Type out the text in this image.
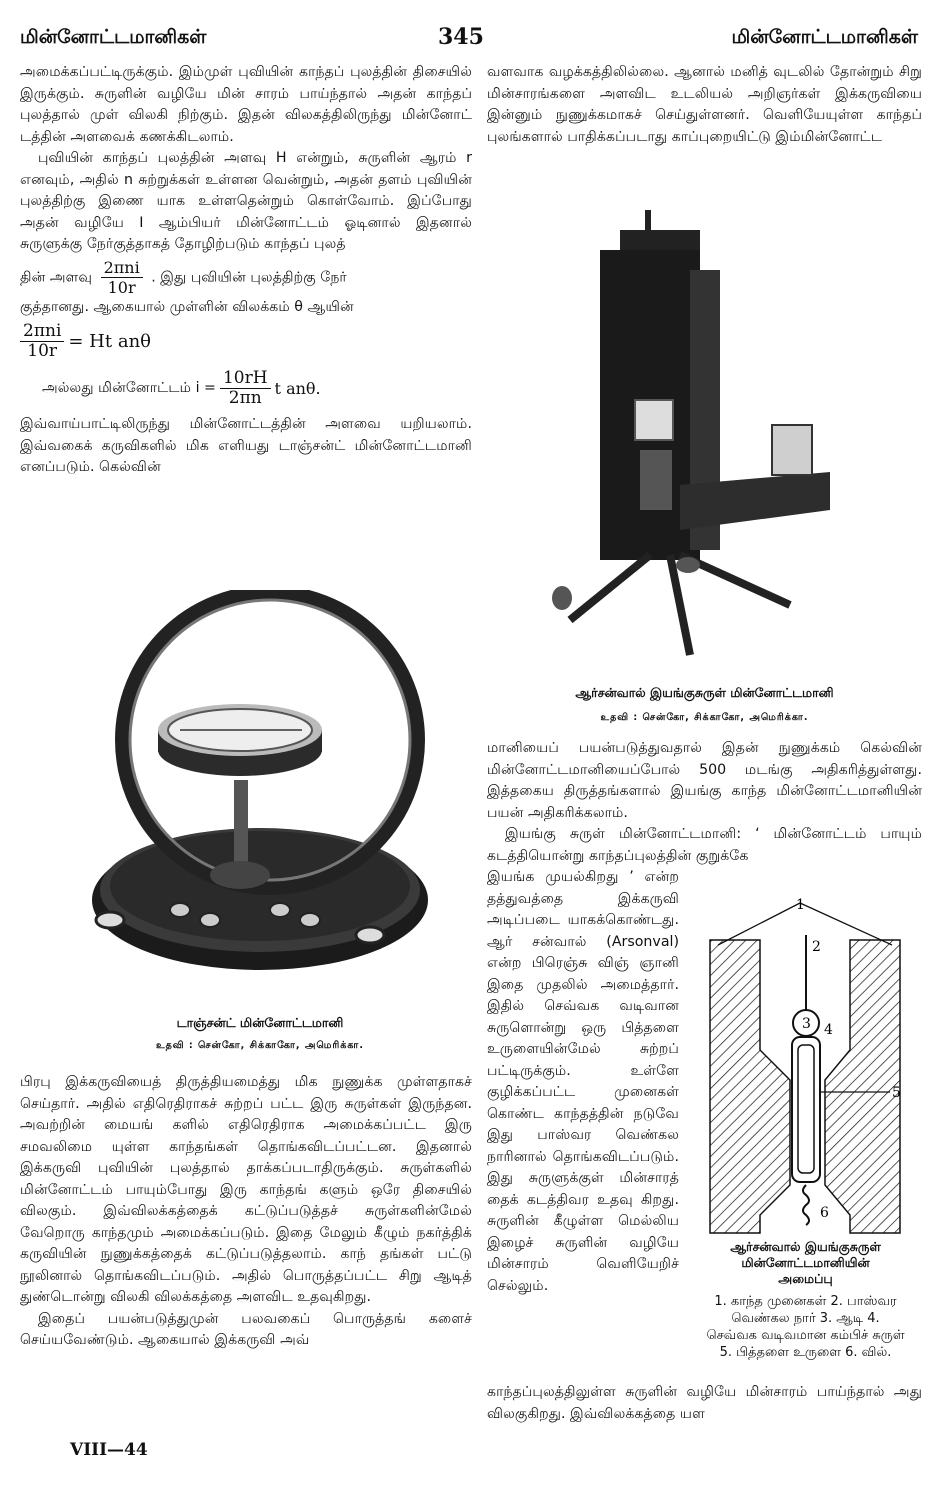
மின்னோட்டமானிகள்	345	மின்னோட்டமானிகள்

அமைக்கப்பட்டிருக்கும். இம்முள் புவியின் காந்தப் புலத்தின் திசையில் இருக்கும். சுருளின் வழியே மின் சாரம் பாய்ந்தால் அதன் காந்தப் புலத்தால் முள் விலகி நிற்கும். இதன் விலகத்திலிருந்து மின்னோட் டத்தின் அளவைக் கணக்கிடலாம்.

புவியின் காந்தப் புலத்தின் அளவு H என்றும், சுருளின் ஆரம் r எனவும், அதில் n சுற்றுக்கள் உள்ளன வென்றும், அதன் தளம் புவியின் புலத்திற்கு இணை யாக உள்ளதென்றும் கொள்வோம். இப்போது அதன் வழியே I ஆம்பியர் மின்னோட்டம் ஓடினால் இதனால் சுருளுக்கு நேர்குத்தாகத் தோழிற்படும் காந்தப் புலத்

தின் அளவு $\frac{\text{2πni}}{10r}$ . இது புவியின் புலத்திற்கு நேர்

குத்தானது. ஆகையால் முள்ளின் விலக்கம் θ ஆயின்

$\frac{\text{2πni}}{10r} = Ht$ anθ
அல்லது மின்னோட்டம் $i = \frac{10rH}{2\pi n}$ t anθ.

இவ்வாய்பாட்டிலிருந்து மின்னோட்டத்தின் அளவை யறியலாம். இவ்வகைக் கருவிகளில் மிக எளியது டாஞ்சன்ட் மின்னோட்டமானி எனப்படும். கெல்வின்

டாஞ்சன்ட் மின்னோட்டமானி
உதவி : சென்கோ, சிக்காகோ, அமெரிக்கா.

பிரபு இக்கருவியைத் திருத்தியமைத்து மிக நுணுக்க முள்ளதாகச் செய்தார். அதில் எதிரெதிராகச் சுற்றப் பட்ட இரு சுருள்கள் இருந்தன. அவற்றின் மையங் களில் எதிரெதிராக அமைக்கப்பட்ட இரு சமவலிமை யுள்ள காந்தங்கள் தொங்கவிடப்பட்டன. இதனால் இக்கருவி புவியின் புலத்தால் தாக்கப்படாதிருக்கும். சுருள்களில் மின்னோட்டம் பாயும்போது இரு காந்தங் களும் ஒரே திசையில் விலகும். இவ்விலக்கத்தைக் கட்டுப்படுத்தச் சுருள்களின்மேல் வேறொரு காந்தமும் அமைக்கப்படும். இதை மேலும் கீழும் நகர்த்திக் கருவியின் நுணுக்கத்தைக் கட்டுப்படுத்தலாம். காந் தங்கள் பட்டு நூலினால் தொங்கவிடப்படும். அதில் பொருத்தப்பட்ட சிறு ஆடித் துண்டொன்று விலகி விலக்கத்தை அளவிட உதவுகிறது.

இதைப் பயன்படுத்துமுன் பலவகைப் பொருத்தங் களைச் செய்யவேண்டும். ஆகையால் இக்கருவி அவ்

VIII—44

வளவாக வழக்கத்திலில்லை. ஆனால் மனித் வுடலில் தோன்றும் சிறு மின்சாரங்களை அளவிட உடலியல் அறிஞர்கள் இக்கருவியை இன்னும் நுணுக்கமாகச் செய்துள்ளனர். வெளியேயுள்ள காந்தப் புலங்களால் பாதிக்கப்படாது காப்புறையிட்டு இம்மின்னோட்ட

ஆர்சன்வால் இயங்குசுருள் மின்னோட்டமானி
உதவி : சென்கோ, சிக்காகோ, அமெரிக்கா.

மானியைப் பயன்படுத்துவதால் இதன் நுணுக்கம் கெல்வின் மின்னோட்டமானியைப்போல் 500 மடங்கு அதிகரித்துள்ளது. இத்தகைய திருத்தங்களால் இயங்கு காந்த மின்னோட்டமானியின் பயன் அதிகரிக்கலாம்.

இயங்கு சுருள் மின்னோட்டமானி: ‘ மின்னோட்டம் பாயும் கடத்தியொன்று காந்தப்புலத்தின் குறுக்கே

இயங்க முயல்கிறது ’ என்ற தத்துவத்தை இக்கருவி அடிப்படை யாகக்கொண்டது. ஆர் சன்வால் (Arsonval) என்ற பிரெஞ்சு விஞ் ஞானி இதை முதலில் அமைத்தார். இதில் செவ்வக வடிவான சுருளொன்று ஒரு பித்தளை உருளையின்மேல் சுற்றப் பட்டிருக்கும். உள்ளே குழிக்கப்பட்ட முனைகள் கொண்ட காந்தத்தின் நடுவே இது பாஸ்வர வெண்கல நாரினால் தொங்கவிடப்படும். இது சுருளுக்குள் மின்சாரத் தைக் கடத்திவர உதவு கிறது. சுருளின் கீழுள்ள மெல்லிய இழைச் சுருளின் வழியே மின்சாரம் வெளியேறிச் செல்லும்.

1
2
3 4
5
6
ஆர்சன்வால் இயங்குசுருள்
மின்னோட்டமானியின்
அமைப்பு
1. காந்த முனைகள் 2. பாஸ்வர
வெண்கல நார் 3. ஆடி 4.
செவ்வக வடிவமான கம்பிச் சுருள்
5. பித்தளை உருளை 6. வில்.

காந்தப்புலத்திலுள்ள சுருளின் வழியே மின்சாரம் பாய்ந்தால் அது விலகுகிறது. இவ்விலக்கத்தை யள
